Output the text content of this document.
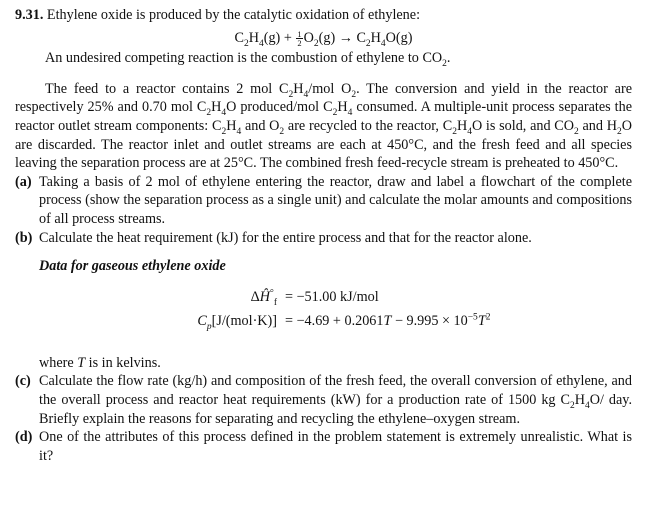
9.31. Ethylene oxide is produced by the catalytic oxidation of ethylene:

$C_2H_4(g) + \frac{1}{2} O_2(g) \to C_2H_4O(g)$

An undesired competing reaction is the combustion of ethylene to $CO_2$.

The feed to a reactor contains 2 mol $C_2H_4$/mol $O_2$. The conversion and yield in the reactor are respectively 25% and 0.70 mol $C_2H_4O$ produced/mol $C_2H_4$ consumed. A multiple-unit process separates the reactor outlet stream components: $C_2H_4$ and $O_2$ are recycled to the reactor, $C_2H_4O$ is sold, and $CO_2$ and $H_2O$ are discarded. The reactor inlet and outlet streams are each at 450°C, and the fresh feed and all species leaving the separation process are at 25°C. The combined fresh feed-recycle stream is preheated to 450°C.

(a) Taking a basis of 2 mol of ethylene entering the reactor, draw and label a flowchart of the complete process (show the separation process as a single unit) and calculate the molar amounts and compositions of all process streams.
(b) Calculate the heat requirement (kJ) for the entire process and that for the reactor alone.

Data for gaseous ethylene oxide

$\Delta Ĥ^\circ_f = -51.00$ kJ/mol
$C_p[J/(mol\cdot K)] = -4.69 + 0.2061T - 9.995 \times 10^{-5}T^2$

where T is in kelvins.

(c) Calculate the flow rate (kg/h) and composition of the fresh feed, the overall conversion of ethylene, and the overall process and reactor heat requirements (kW) for a production rate of 1500 kg $C_2H_4O/$ day. Briefly explain the reasons for separating and recycling the ethylene–oxygen stream.
(d) One of the attributes of this process defined in the problem statement is extremely unrealistic. What is it?
